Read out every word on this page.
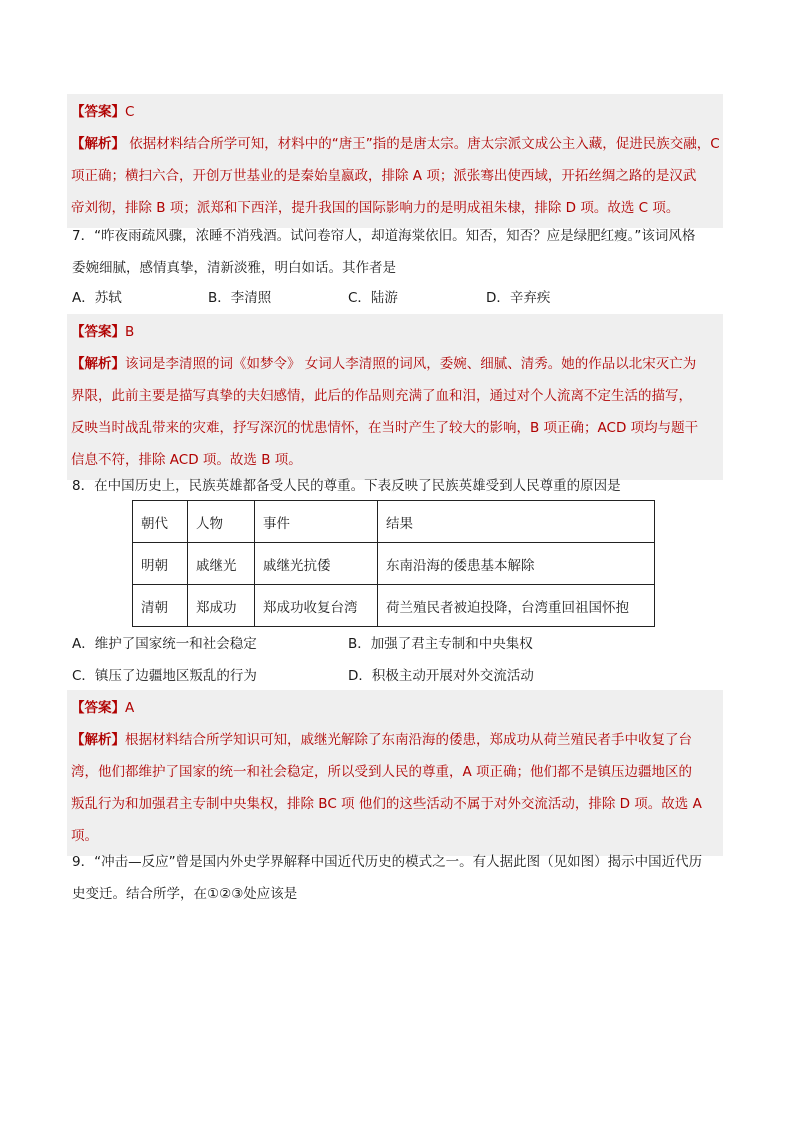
【答案】C
【解析】 依据材料结合所学可知，材料中的“唐王”指的是唐太宗。唐太宗派文成公主入藏，促进民族交融，C
项正确；横扫六合，开创万世基业的是秦始皇嬴政，排除 A 项；派张骞出使西域，开拓丝绸之路的是汉武
帝刘彻，排除 B 项；派郑和下西洋，提升我国的国际影响力的是明成祖朱棣，排除 D 项。故选 C 项。
7．“昨夜雨疏风骤，浓睡不消残酒。试问卷帘人，却道海棠依旧。知否，知否？应是绿肥红瘦。”该词风格
委婉细腻，感情真挚，清新淡雅，明白如话。其作者是
A．苏轼	B．李清照	C．陆游	D．辛弃疾
【答案】B
【解析】该词是李清照的词《如梦令》 女词人李清照的词风，委婉、细腻、清秀。她的作品以北宋灭亡为
界限，此前主要是描写真挚的夫妇感情，此后的作品则充满了血和泪，通过对个人流离不定生活的描写，
反映当时战乱带来的灾难，抒写深沉的忧患情怀，在当时产生了较大的影响，B 项正确；ACD 项均与题干
信息不符，排除 ACD 项。故选 B 项。
8．在中国历史上，民族英雄都备受人民的尊重。下表反映了民族英雄受到人民尊重的原因是
朝代	人物	事件	结果
明朝	戚继光	戚继光抗倭	东南沿海的倭患基本解除
清朝	郑成功	郑成功收复台湾	荷兰殖民者被迫投降，台湾重回祖国怀抱
A．维护了国家统一和社会稳定	B．加强了君主专制和中央集权
C．镇压了边疆地区叛乱的行为	D．积极主动开展对外交流活动
【答案】A
【解析】根据材料结合所学知识可知，戚继光解除了东南沿海的倭患，郑成功从荷兰殖民者手中收复了台
湾，他们都维护了国家的统一和社会稳定，所以受到人民的尊重，A 项正确；他们都不是镇压边疆地区的
叛乱行为和加强君主专制中央集权，排除 BC 项 他们的这些活动不属于对外交流活动，排除 D 项。故选 A
项。
9．“冲击—反应”曾是国内外史学界解释中国近代历史的模式之一。有人据此图（见如图）揭示中国近代历
史变迁。结合所学，在①②③处应该是
